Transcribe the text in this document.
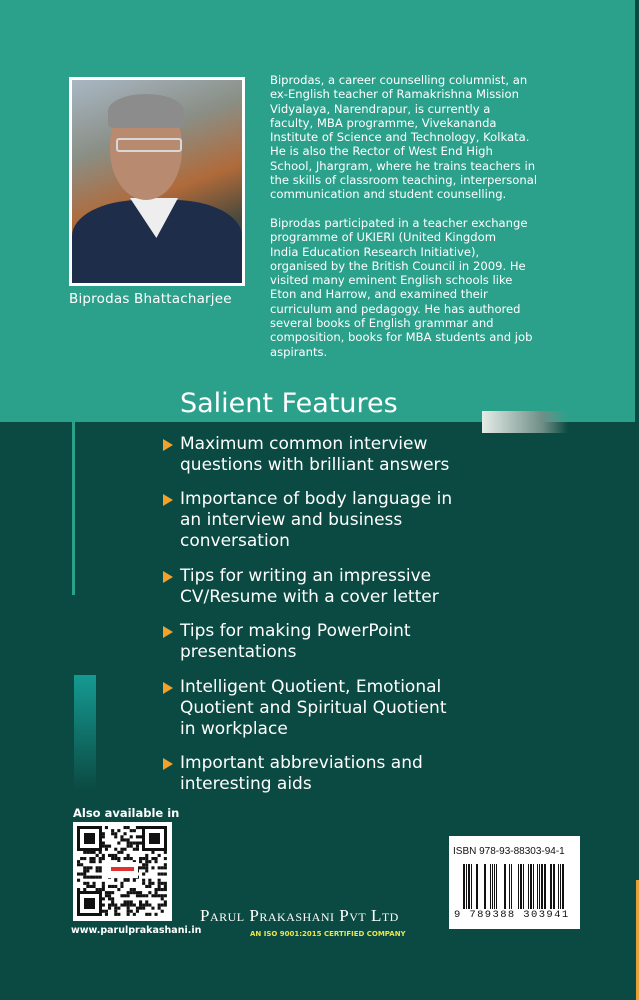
Biprodas Bhattacharjee
Biprodas, a career counselling columnist, an
ex-English teacher of Ramakrishna Mission
Vidyalaya, Narendrapur, is currently a
faculty, MBA programme, Vivekananda
Institute of Science and Technology, Kolkata.
He is also the Rector of West End High
School, Jhargram, where he trains teachers in
the skills of classroom teaching, interpersonal
communication and student counselling.
Biprodas participated in a teacher exchange
programme of UKIERI (United Kingdom
India Education Research Initiative),
organised by the British Council in 2009. He
visited many eminent English schools like
Eton and Harrow, and examined their
curriculum and pedagogy. He has authored
several books of English grammar and
composition, books for MBA students and job
aspirants.
Salient Features
Maximum common interview
questions with brilliant answers
Importance of body language in
an interview and business
conversation
Tips for writing an impressive
CV/Resume with a cover letter
Tips for making PowerPoint
presentations
Intelligent Quotient, Emotional
Quotient and Spiritual Quotient
in workplace
Important abbreviations and
interesting aids
Also available in
www.parulprakashani.in
Parul Prakashani Pvt Ltd
AN ISO 9001:2015 CERTIFIED COMPANY
ISBN 978-93-88303-94-1
9 789388 303941
